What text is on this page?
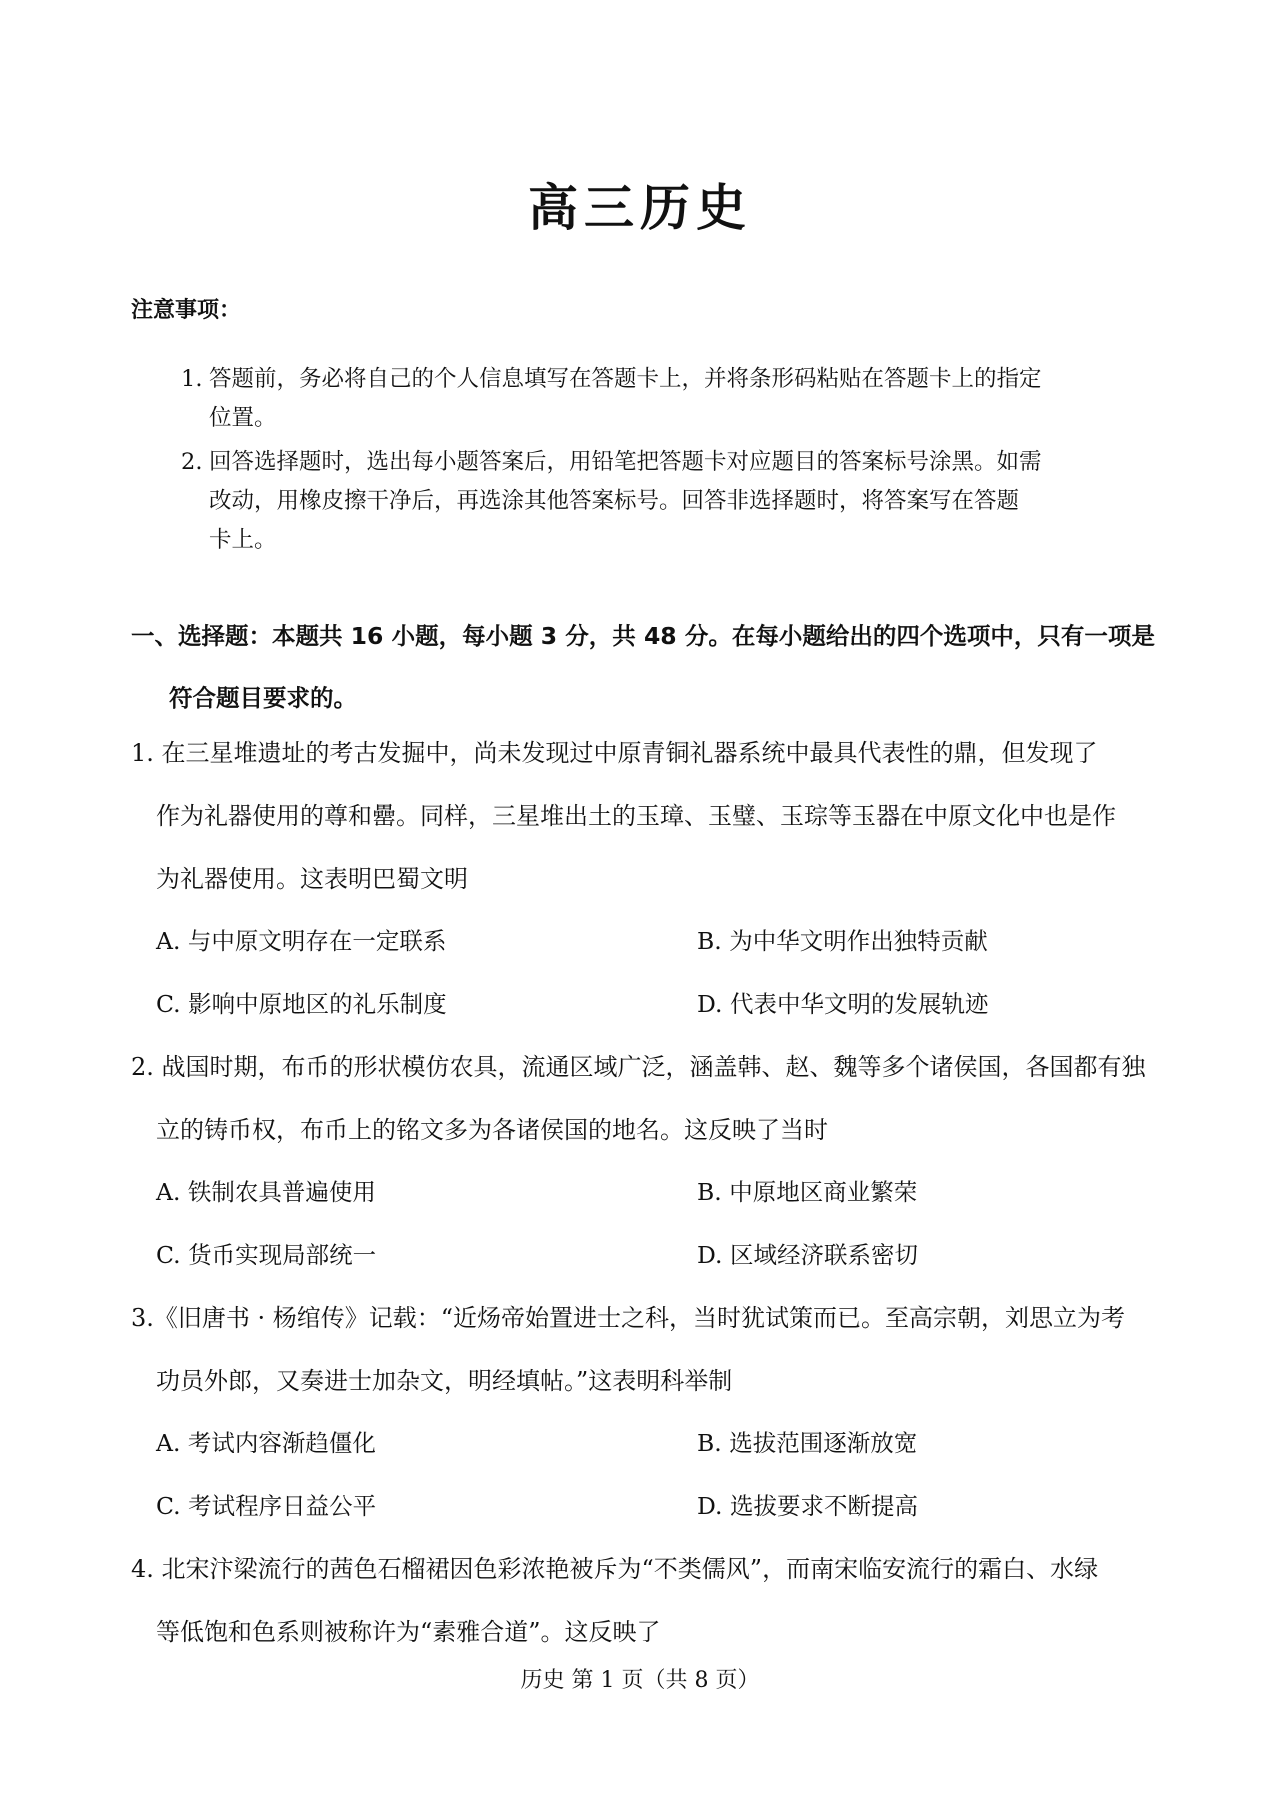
高三历史
注意事项：
1. 答题前，务必将自己的个人信息填写在答题卡上，并将条形码粘贴在答题卡上的指定
位置。
2. 回答选择题时，选出每小题答案后，用铅笔把答题卡对应题目的答案标号涂黑。如需
改动，用橡皮擦干净后，再选涂其他答案标号。回答非选择题时，将答案写在答题
卡上。
一、选择题：本题共 16 小题，每小题 3 分，共 48 分。在每小题给出的四个选项中，只有一项是
符合题目要求的。
1. 在三星堆遗址的考古发掘中，尚未发现过中原青铜礼器系统中最具代表性的鼎，但发现了
作为礼器使用的尊和罍。同样，三星堆出土的玉璋、玉璧、玉琮等玉器在中原文化中也是作
为礼器使用。这表明巴蜀文明
A. 与中原文明存在一定联系	B. 为中华文明作出独特贡献
C. 影响中原地区的礼乐制度	D. 代表中华文明的发展轨迹
2. 战国时期，布币的形状模仿农具，流通区域广泛，涵盖韩、赵、魏等多个诸侯国，各国都有独
立的铸币权，布币上的铭文多为各诸侯国的地名。这反映了当时
A. 铁制农具普遍使用	B. 中原地区商业繁荣
C. 货币实现局部统一	D. 区域经济联系密切
3.《旧唐书 · 杨绾传》记载：“近炀帝始置进士之科，当时犹试策而已。至高宗朝，刘思立为考
功员外郎，又奏进士加杂文，明经填帖。”这表明科举制
A. 考试内容渐趋僵化	B. 选拔范围逐渐放宽
C. 考试程序日益公平	D. 选拔要求不断提高
4. 北宋汴梁流行的茜色石榴裙因色彩浓艳被斥为“不类儒风”，而南宋临安流行的霜白、水绿
等低饱和色系则被称许为“素雅合道”。这反映了
历史 第 1 页（共 8 页）
